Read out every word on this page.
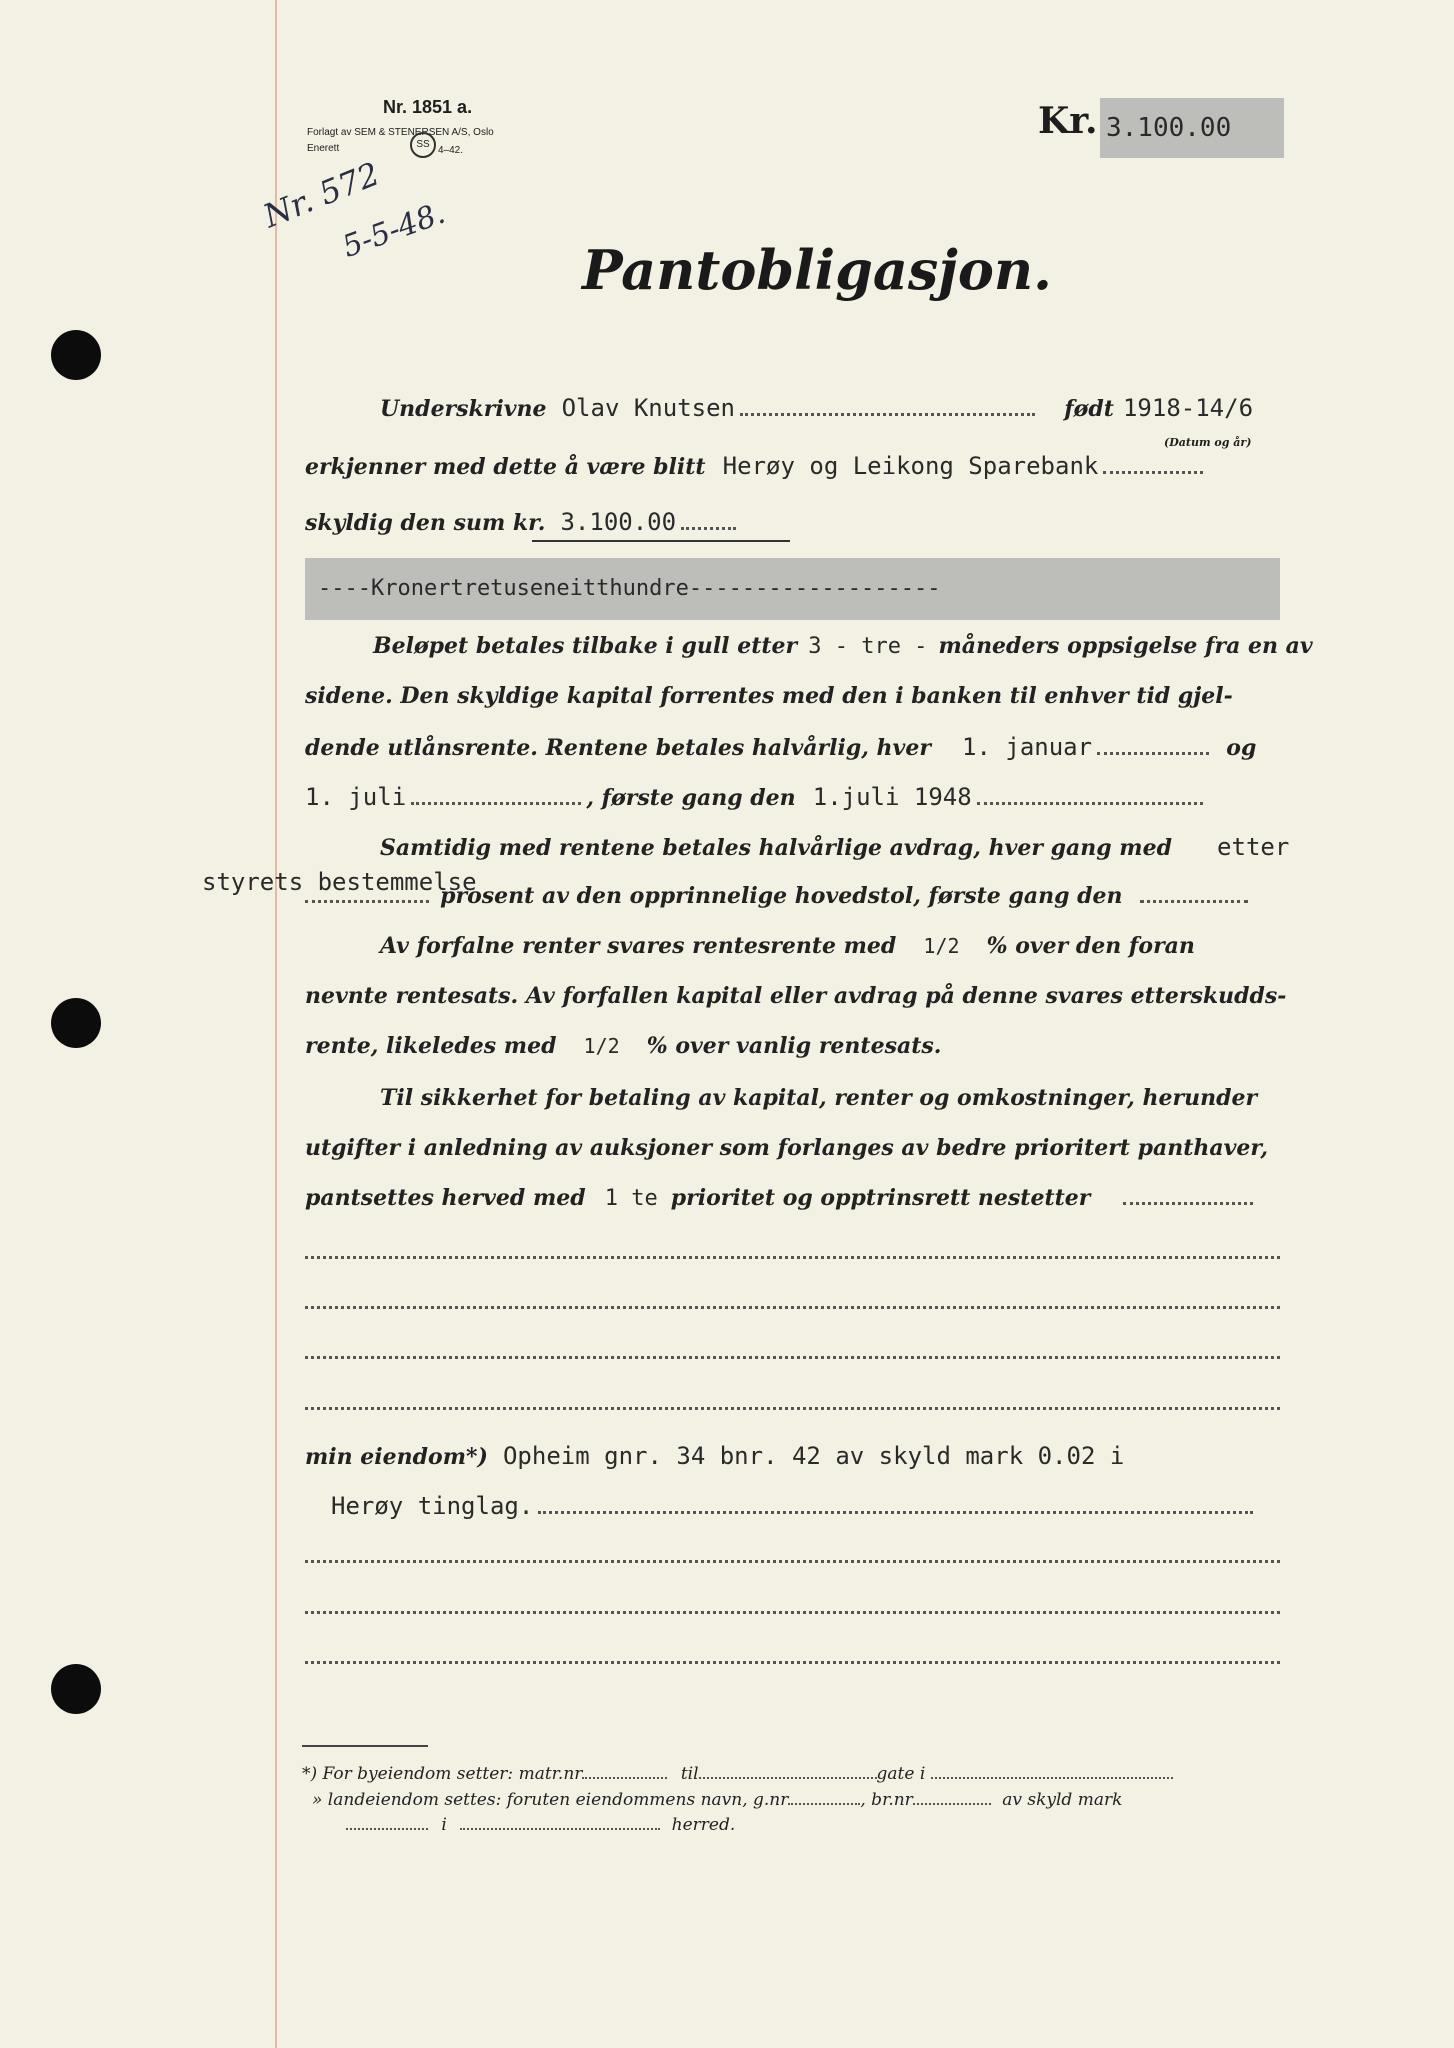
Nr. 1851 a.
Forlagt av SEM & STENERSEN A/S, Oslo
Enerett	SS
4–42.
Kr. 3.100.00
Nr. 572
5-5-48.
Pantobligasjon.
Underskrivne Olav Knutsen	født 1918-14/6
(Datum og år)
erkjenner med dette å være blitt Herøy og Leikong Sparebank
skyldig den sum kr. 3.100.00
----Kronertretuseneitthundre-------------------
Beløpet betales tilbake i gull etter 3 - tre - måneders oppsigelse fra en av
sidene. Den skyldige kapital forrentes med den i banken til enhver tid gjel-
dende utlånsrente. Rentene betales halvårlig, hver 1. januar	og
1. juli	, første gang den 1.juli 1948
Samtidig med rentene betales halvårlige avdrag, hver gang med etter
styrets bestemmelse
prosent av den opprinnelige hovedstol, første gang den
Av forfalne renter svares rentesrente med 1/2 % over den foran
nevnte rentesats. Av forfallen kapital eller avdrag på denne svares etterskudds-
rente, likeledes med 1/2 % over vanlig rentesats.
Til sikkerhet for betaling av kapital, renter og omkostninger, herunder
utgifter i anledning av auksjoner som forlanges av bedre prioritert panthaver,
pantsettes herved med 1 te prioritet og opptrinsrett nestetter
min eiendom*) Opheim gnr. 34 bnr. 42 av skyld mark 0.02 i
Herøy tinglag.
*) For byeiendom setter: matr.nr	til	gate i
» landeiendom settes: foruten eiendommens navn, g.nr	, br.nr	av skyld mark
i	herred.
